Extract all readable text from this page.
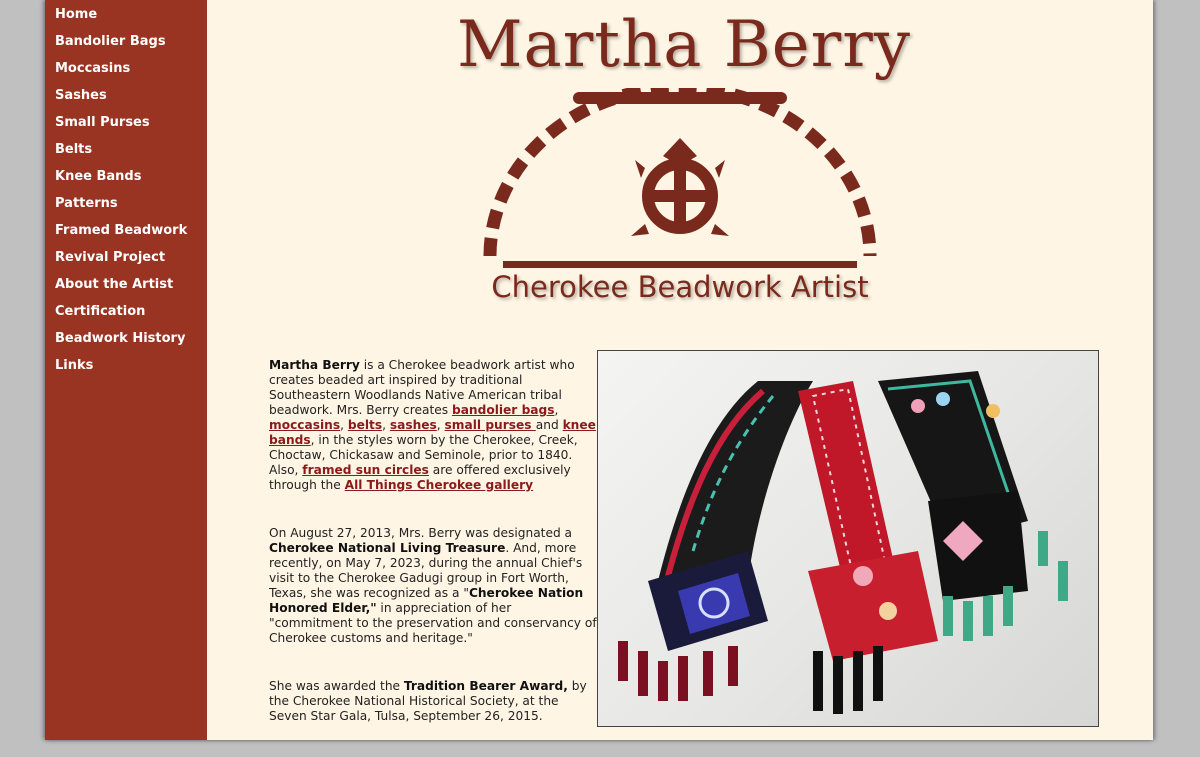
Home
Bandolier Bags
Moccasins
Sashes
Small Purses
Belts
Knee Bands
Patterns
Framed Beadwork
Revival Project
About the Artist
Certification
Beadwork History
Links
Martha Berry
Cherokee Beadwork Artist

Martha Berry is a Cherokee beadwork artist who creates beaded art inspired by traditional Southeastern Woodlands Native American tribal beadwork. Mrs. Berry creates bandolier bags, moccasins, belts, sashes, small purses and knee bands, in the styles worn by the Cherokee, Creek, Choctaw, Chickasaw and Seminole, prior to 1840. Also, framed sun circles are offered exclusively through the All Things Cherokee gallery

On August 27, 2013, Mrs. Berry was designated a Cherokee National Living Treasure. And, more recently, on May 7, 2023, during the annual Chief's visit to the Cherokee Gadugi group in Fort Worth, Texas, she was recognized as a "Cherokee Nation Honored Elder," in appreciation of her "commitment to the preservation and conservancy of Cherokee customs and heritage."

She was awarded the Tradition Bearer Award, by the Cherokee National Historical Society, at the Seven Star Gala, Tulsa, September 26, 2015.
